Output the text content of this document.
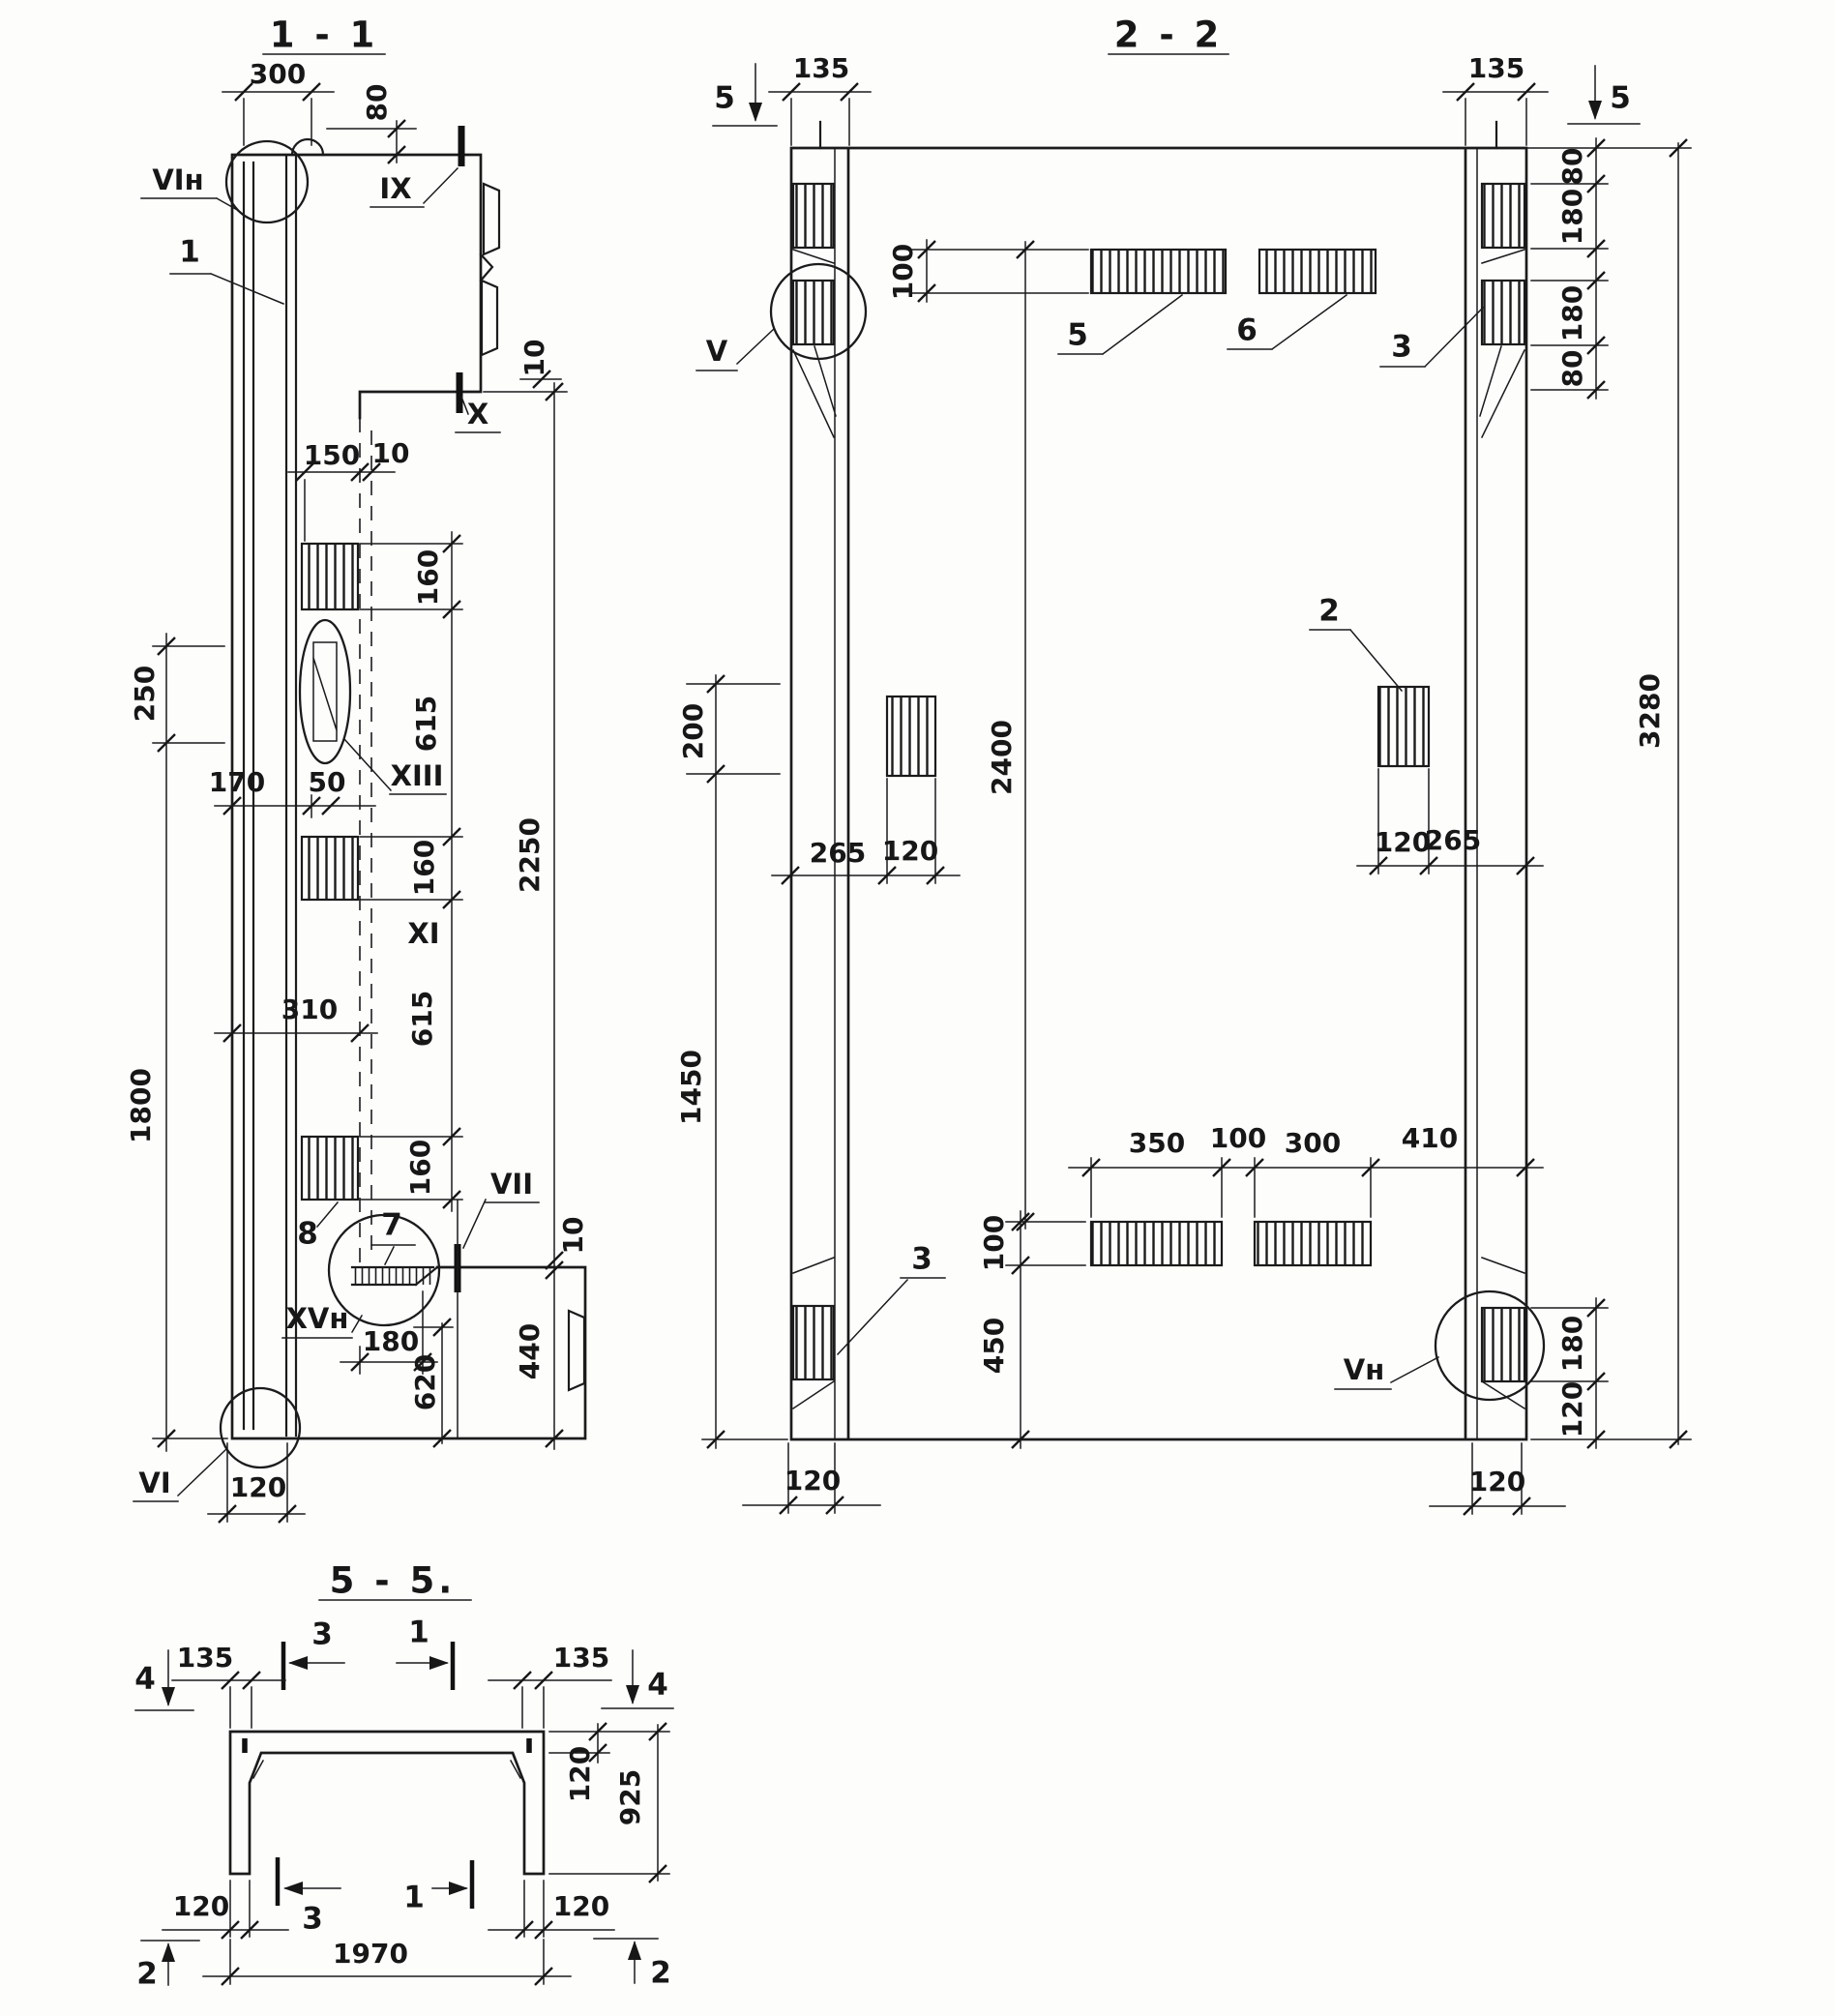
1 - 1
300
80
VIн	IX
1
10
X
150 10
160
615
XIII
50
170
250
160
XI
615
310
1800
160
2250
8 7
XVн
VII
10
440
180
620
VI 120
2 - 2
5	5
135	135
80
180
180
80
100
5	6	3
V
3280
200
1450
265 120
2400
2
120
265
350 100 300 410
100
450
3
Vн	180
120
120	120
5 - 5.
4	4
135	135
3	1
3
1
120 925
120	120
1970
2	2
